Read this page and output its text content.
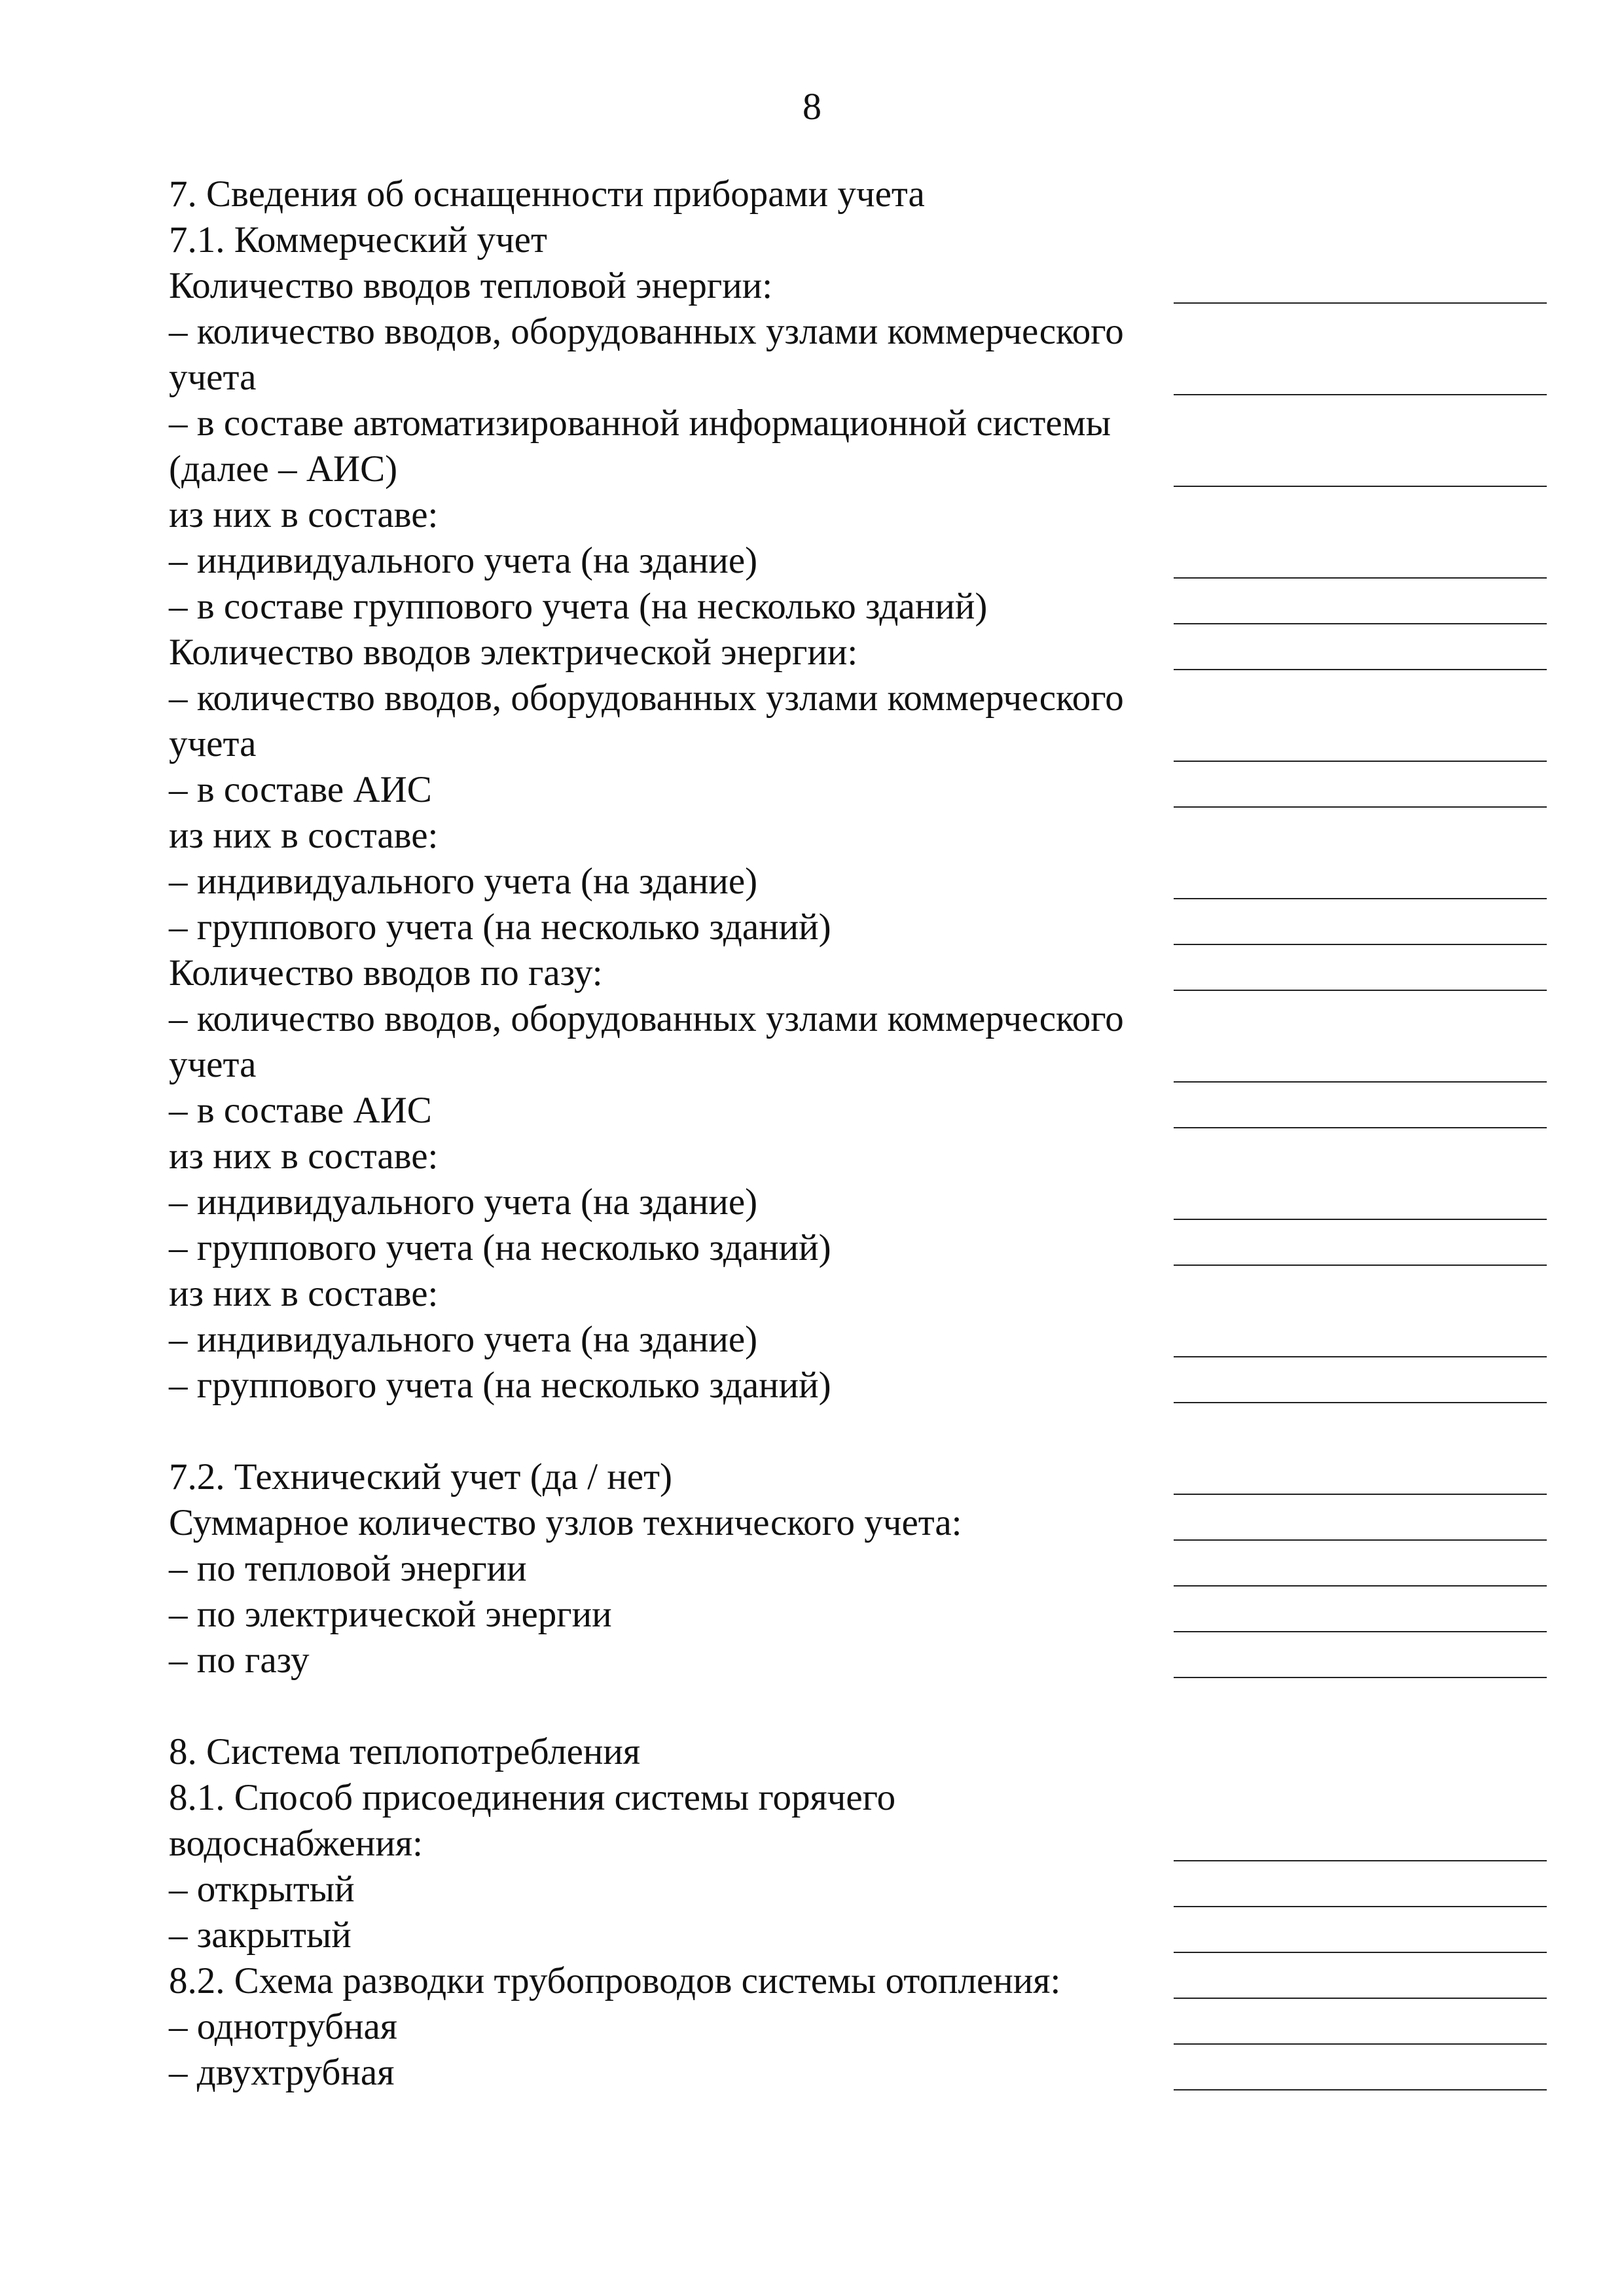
8
7. Сведения об оснащенности приборами учета
7.1. Коммерческий учет
Количество вводов тепловой энергии:
– количество вводов, оборудованных узлами коммерческого
учета
– в составе автоматизированной информационной системы
(далее – АИС)
из них в составе:
– индивидуального учета (на здание)
– в составе группового учета (на несколько зданий)
Количество вводов электрической энергии:
– количество вводов, оборудованных узлами коммерческого
учета
– в составе АИС
из них в составе:
– индивидуального учета (на здание)
– группового учета (на несколько зданий)
Количество вводов по газу:
– количество вводов, оборудованных узлами коммерческого
учета
– в составе АИС
из них в составе:
– индивидуального учета (на здание)
– группового учета (на несколько зданий)
из них в составе:
– индивидуального учета (на здание)
– группового учета (на несколько зданий)
7.2. Технический учет (да / нет)
Суммарное количество узлов технического учета:
– по тепловой энергии
– по электрической энергии
– по газу
8. Система теплопотребления
8.1. Способ присоединения системы горячего
водоснабжения:
– открытый
– закрытый
8.2. Схема разводки трубопроводов системы отопления:
– однотрубная
– двухтрубная
